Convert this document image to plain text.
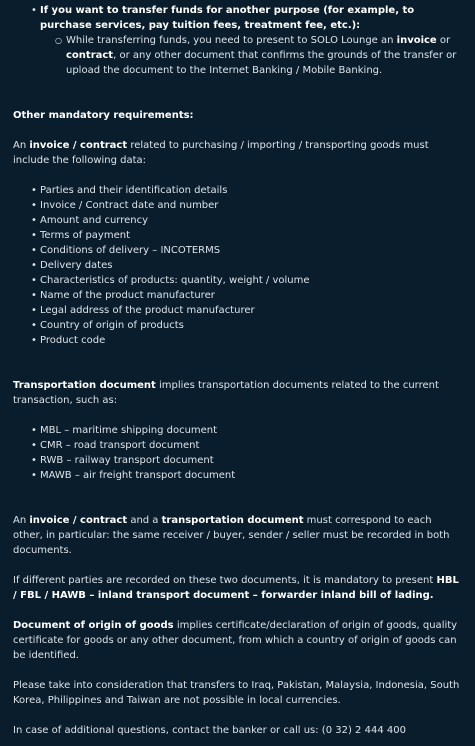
• If you want to transfer funds for another purpose (for example, to purchase services, pay tuition fees, treatment fee, etc.):
○ While transferring funds, you need to present to SOLO Lounge an invoice or contract, or any other document that confirms the grounds of the transfer or upload the document to the Internet Banking / Mobile Banking.

Other mandatory requirements:

An invoice / contract related to purchasing / importing / transporting goods must include the following data:

• Parties and their identification details
• Invoice / Contract date and number
• Amount and currency
• Terms of payment
• Conditions of delivery – INCOTERMS
• Delivery dates
• Characteristics of products: quantity, weight / volume
• Name of the product manufacturer
• Legal address of the product manufacturer
• Country of origin of products
• Product code

Transportation document implies transportation documents related to the current transaction, such as:

• MBL – maritime shipping document
• CMR – road transport document
• RWB – railway transport document
• MAWB – air freight transport document

An invoice / contract and a transportation document must correspond to each other, in particular: the same receiver / buyer, sender / seller must be recorded in both documents.

If different parties are recorded on these two documents, it is mandatory to present HBL / FBL / HAWB – inland transport document – forwarder inland bill of lading.

Document of origin of goods implies certificate/declaration of origin of goods, quality certificate for goods or any other document, from which a country of origin of goods can be identified.

Please take into consideration that transfers to Iraq, Pakistan, Malaysia, Indonesia, South Korea, Philippines and Taiwan are not possible in local currencies.

In case of additional questions, contact the banker or call us: (0 32) 2 444 400
